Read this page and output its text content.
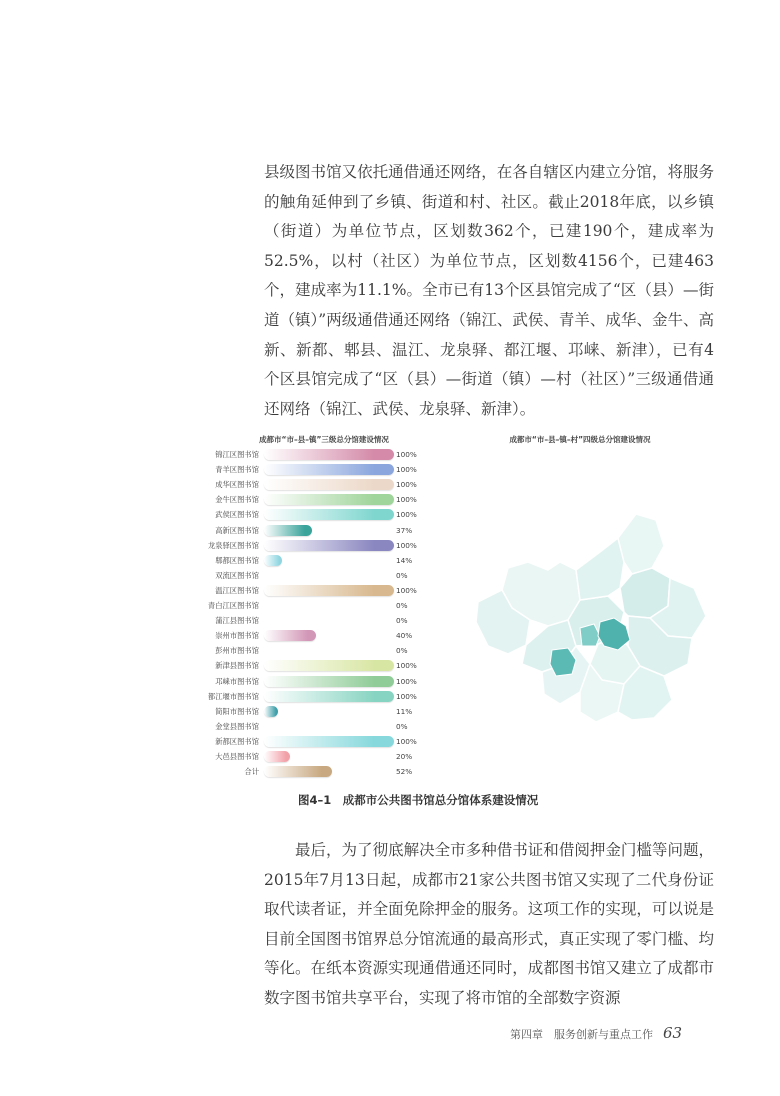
县级图书馆又依托通借通还网络，在各自辖区内建立分馆，将服务的触角延伸到了乡镇、街道和村、社区。截止2018年底，以乡镇（街道）为单位节点，区划数362个，已建190个，建成率为52.5%，以村（社区）为单位节点，区划数4156个，已建463个，建成率为11.1%。全市已有13个区县馆完成了“区（县）—街道（镇）”两级通借通还网络（锦江、武侯、青羊、成华、金牛、高新、新都、郫县、温江、龙泉驿、都江堰、邛崃、新津），已有4个区县馆完成了“区（县）—街道（镇）—村（社区）”三级通借通还网络（锦江、武侯、龙泉驿、新津）。

成都市“市–县–镇”三级总分馆建设情况
锦江区图书馆	100%
青羊区图书馆	100%
成华区图书馆	100%
金牛区图书馆	100%
武侯区图书馆	100%
高新区图书馆	37%
龙泉驿区图书馆	100%
郫都区图书馆	14%
双流区图书馆	0%
温江区图书馆	100%
青白江区图书馆	0%
蒲江县图书馆	0%
崇州市图书馆	40%
彭州市图书馆	0%
新津县图书馆	100%
邛崃市图书馆	100%
都江堰市图书馆	100%
简阳市图书馆	11%
金堂县图书馆	0%
新都区图书馆	100%
大邑县图书馆	20%
合计	52%
成都市“市–县–镇–村”四级总分馆建设情况
图4–1　成都市公共图书馆总分馆体系建设情况

最后，为了彻底解决全市多种借书证和借阅押金门槛等问题，2015年7月13日起，成都市21家公共图书馆又实现了二代身份证取代读者证，并全面免除押金的服务。这项工作的实现，可以说是目前全国图书馆界总分馆流通的最高形式，真正实现了零门槛、均等化。在纸本资源实现通借通还同时，成都图书馆又建立了成都市数字图书馆共享平台，实现了将市馆的全部数字资源

第四章　服务创新与重点工作 63
